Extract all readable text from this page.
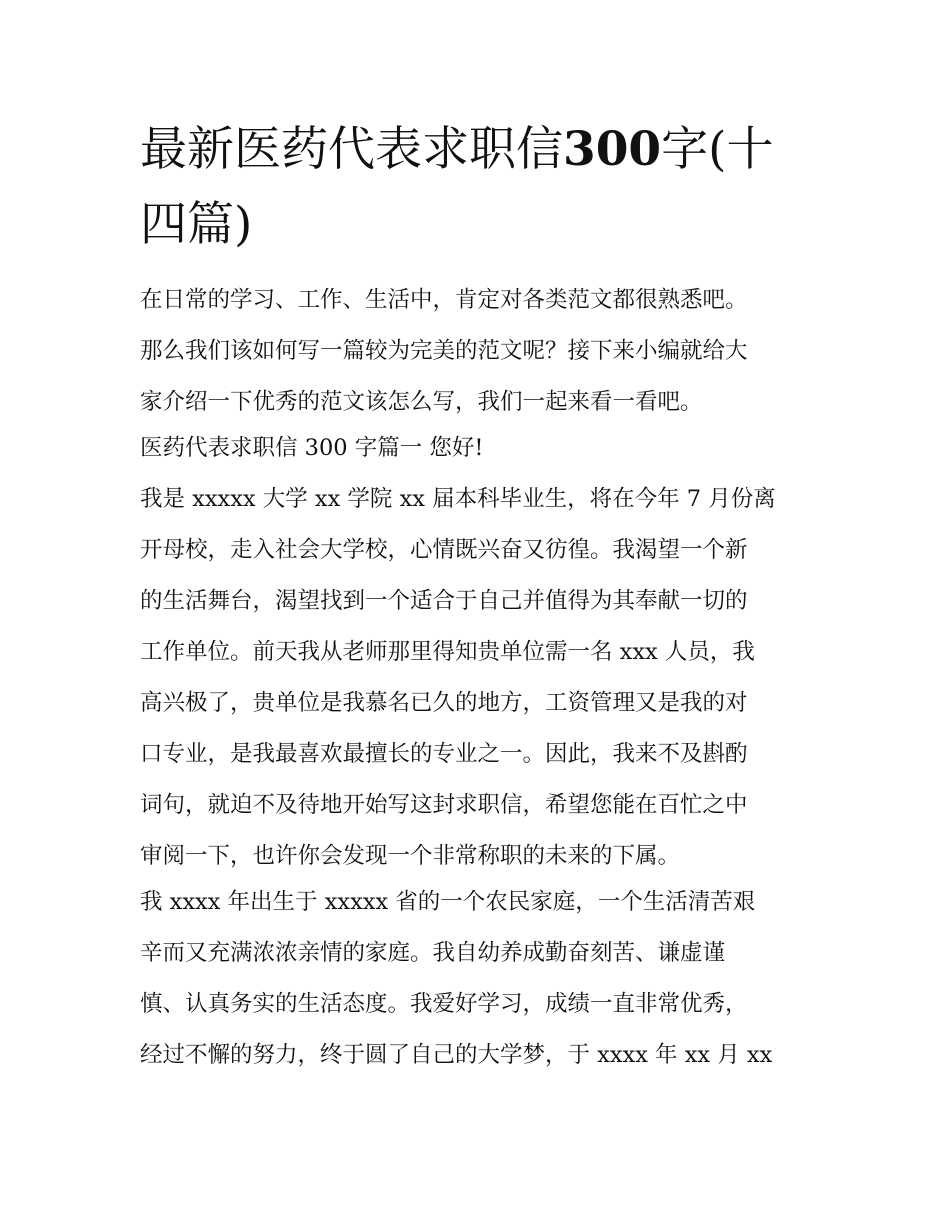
最新医药代表求职信300字(十
四篇)
在日常的学习、工作、生活中，肯定对各类范文都很熟悉吧。
那么我们该如何写一篇较为完美的范文呢？接下来小编就给大
家介绍一下优秀的范文该怎么写，我们一起来看一看吧。
医药代表求职信 300 字篇一 您好!
我是 xxxxx 大学 xx 学院 xx 届本科毕业生，将在今年 7 月份离
开母校，走入社会大学校，心情既兴奋又彷徨。我渴望一个新
的生活舞台，渴望找到一个适合于自己并值得为其奉献一切的
工作单位。前天我从老师那里得知贵单位需一名 xxx 人员，我
高兴极了，贵单位是我慕名已久的地方，工资管理又是我的对
口专业，是我最喜欢最擅长的专业之一。因此，我来不及斟酌
词句，就迫不及待地开始写这封求职信，希望您能在百忙之中
审阅一下，也许你会发现一个非常称职的未来的下属。
我 xxxx 年出生于 xxxxx 省的一个农民家庭，一个生活清苦艰
辛而又充满浓浓亲情的家庭。我自幼养成勤奋刻苦、谦虚谨
慎、认真务实的生活态度。我爱好学习，成绩一直非常优秀，
经过不懈的努力，终于圆了自己的大学梦，于 xxxx 年 xx 月 xx
